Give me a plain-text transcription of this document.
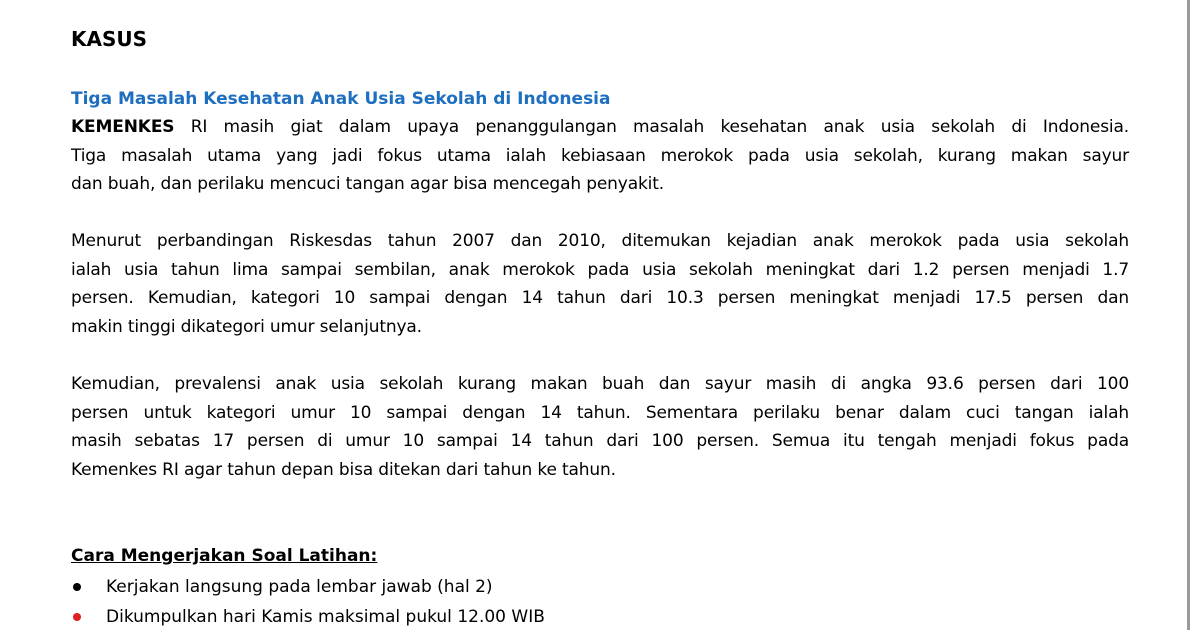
KASUS
Tiga Masalah Kesehatan Anak Usia Sekolah di Indonesia
KEMENKES RI masih giat dalam upaya penanggulangan masalah kesehatan anak usia sekolah di Indonesia.
Tiga masalah utama yang jadi fokus utama ialah kebiasaan merokok pada usia sekolah, kurang makan sayur
dan buah, dan perilaku mencuci tangan agar bisa mencegah penyakit.
Menurut perbandingan Riskesdas tahun 2007 dan 2010, ditemukan kejadian anak merokok pada usia sekolah
ialah usia tahun lima sampai sembilan, anak merokok pada usia sekolah meningkat dari 1.2 persen menjadi 1.7
persen. Kemudian, kategori 10 sampai dengan 14 tahun dari 10.3 persen meningkat menjadi 17.5 persen dan
makin tinggi dikategori umur selanjutnya.
Kemudian, prevalensi anak usia sekolah kurang makan buah dan sayur masih di angka 93.6 persen dari 100
persen untuk kategori umur 10 sampai dengan 14 tahun. Sementara perilaku benar dalam cuci tangan ialah
masih sebatas 17 persen di umur 10 sampai 14 tahun dari 100 persen. Semua itu tengah menjadi fokus pada
Kemenkes RI agar tahun depan bisa ditekan dari tahun ke tahun.
Cara Mengerjakan Soal Latihan:
Kerjakan langsung pada lembar jawab (hal 2)
Dikumpulkan hari Kamis maksimal pukul 12.00 WIB
